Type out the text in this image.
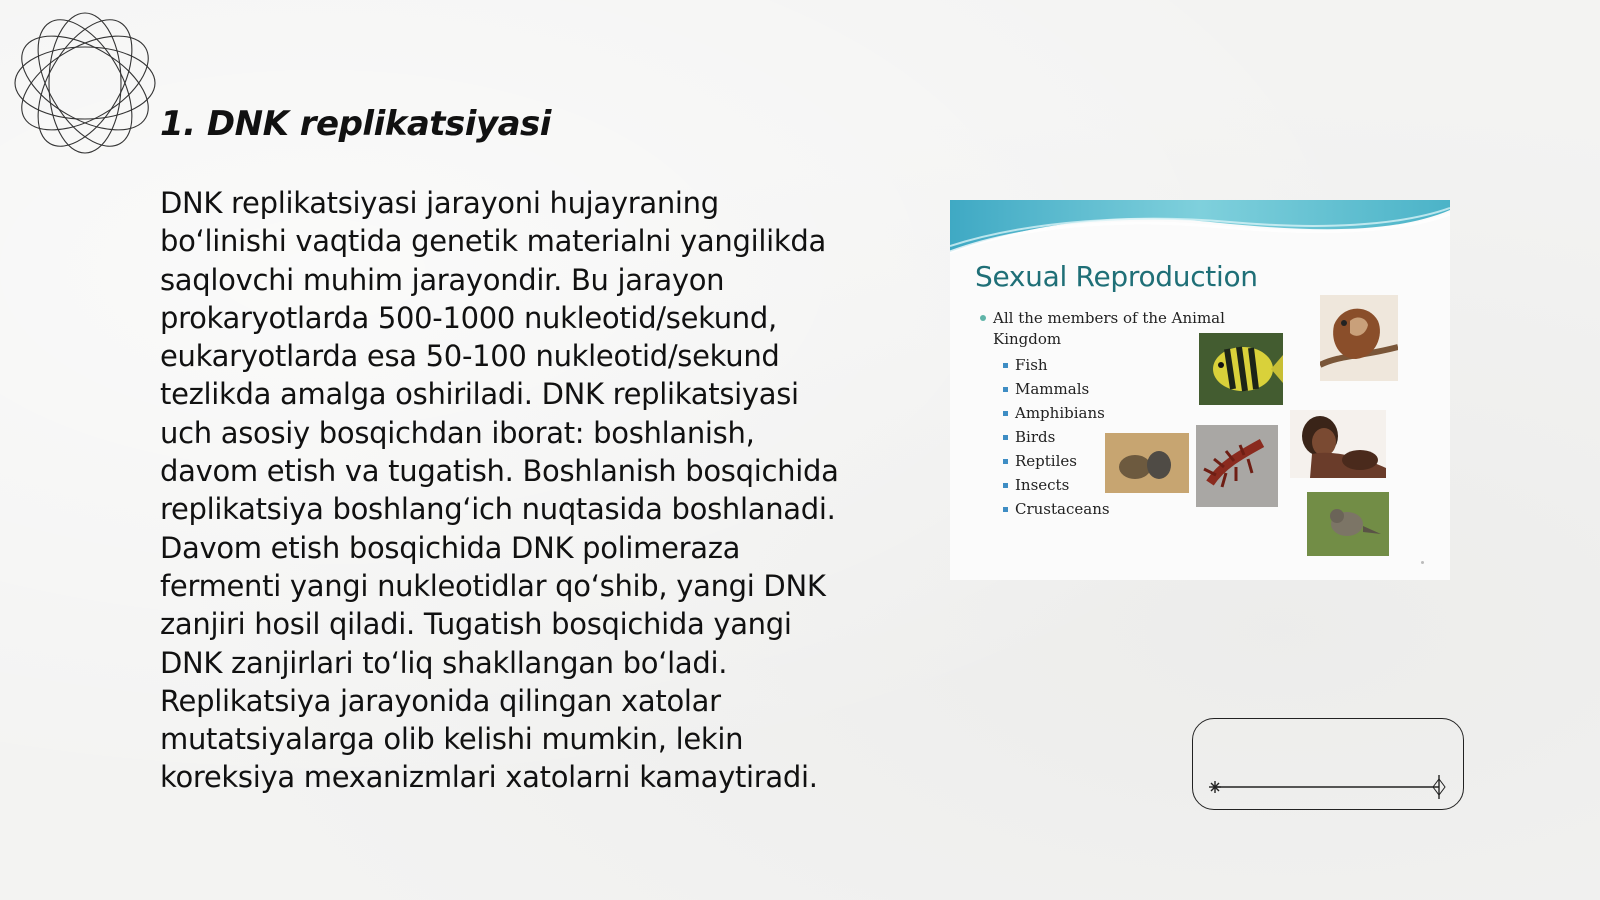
1. DNK replikatsiyasi
DNK replikatsiyasi jarayoni hujayraning bo‘linishi vaqtida genetik materialni yangilikda saqlovchi muhim jarayondir. Bu jarayon prokaryotlarda 500-1000 nukleotid/sekund, eukaryotlarda esa 50-100 nukleotid/sekund tezlikda amalga oshiriladi. DNK replikatsiyasi uch asosiy bosqichdan iborat: boshlanish, davom etish va tugatish. Boshlanish bosqichida replikatsiya boshlang‘ich nuqtasida boshlanadi. Davom etish bosqichida DNK polimeraza fermenti yangi nukleotidlar qo‘shib, yangi DNK zanjiri hosil qiladi. Tugatish bosqichida yangi DNK zanjirlari to‘liq shakllangan bo‘ladi. Replikatsiya jarayonida qilingan xatolar mutatsiyalarga olib kelishi mumkin, lekin koreksiya mexanizmlari xatolarni kamaytiradi.
Sexual Reproduction
All the members of the Animal Kingdom
Fish
Mammals
Amphibians
Birds
Reptiles
Insects
Crustaceans
